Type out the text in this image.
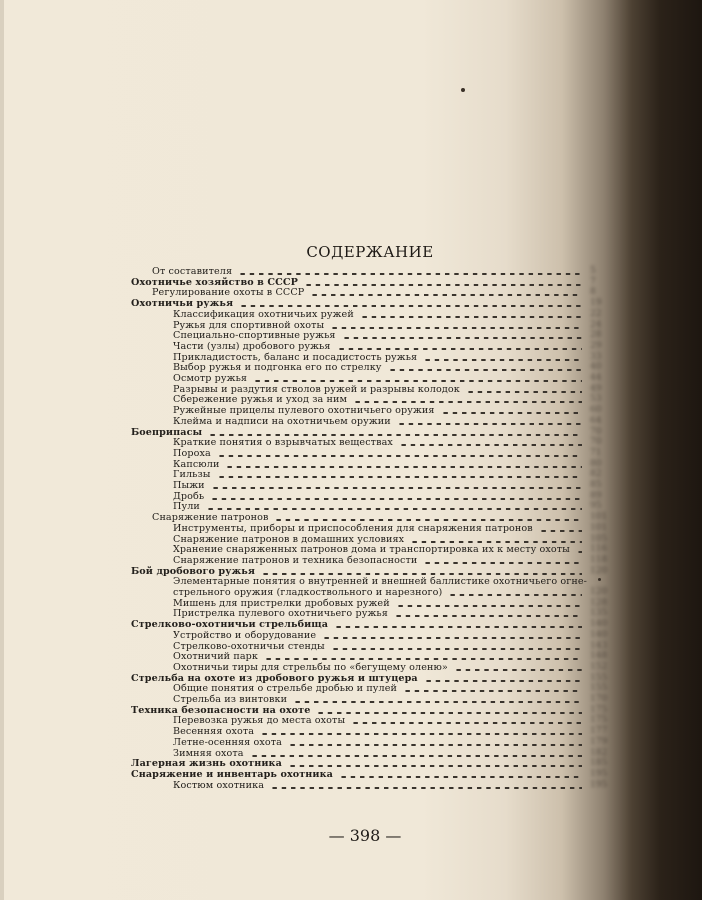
СОДЕРЖАНИЕ
От составителя	5
Охотничье хозяйство в СССР	7
Регулирование охоты в СССР	8
Охотничьи ружья	19
Классификация охотничьих ружей	22
Ружья для спортивной охоты	24
Специально-спортивные ружья	28
Части (узлы) дробового ружья	29
Прикладистость, баланс и посадистость ружья	33
Выбор ружья и подгонка его по стрелку	40
Осмотр ружья	44
Разрывы и раздутия стволов ружей и разрывы колодок	49
Сбережение ружья и уход за ним	53
Ружейные прицелы пулевого охотничьего оружия	60
Клейма и надписи на охотничьем оружии	64
Боеприпасы	70
Краткие понятия о взрывчатых веществах	70
Пороха	71
Капсюли	80
Гильзы	82
Пыжи	85
Дробь	89
Пули	95
Снаряжение патронов	101
Инструменты, приборы и приспособления для снаряжения патронов	101
Снаряжение патронов в домашних условиях	105
Хранение снаряженных патронов дома и транспортировка их к месту охоты 116
Снаряжение патронов и техника безопасности	118
Бой дробового ружья	120
Элементарные понятия о внутренней и внешней баллистике охотничьего огне-
стрельного оружия (гладкоствольного и нарезного)	120
Мишень для пристрелки дробовых ружей	128
Пристрелка пулевого охотничьего ружья	135
Стрелково-охотничьи стрельбища	140
Устройство и оборудование	140
Стрелково-охотничьи стенды	143
Охотничий парк	148
Охотничьи тиры для стрельбы по «бегущему оленю»	152
Стрельба на охоте из дробового ружья и штуцера	155
Общие понятия о стрельбе дробью и пулей	155
Стрельба из винтовки	170
Техника безопасности на охоте	175
Перевозка ружья до места охоты	175
Весенняя охота	177
Летне-осенняя охота	179
Зимняя охота	182
Лагерная жизнь охотника	185
Снаряжение и инвентарь охотника	195
Костюм охотника	195
— 398 —
